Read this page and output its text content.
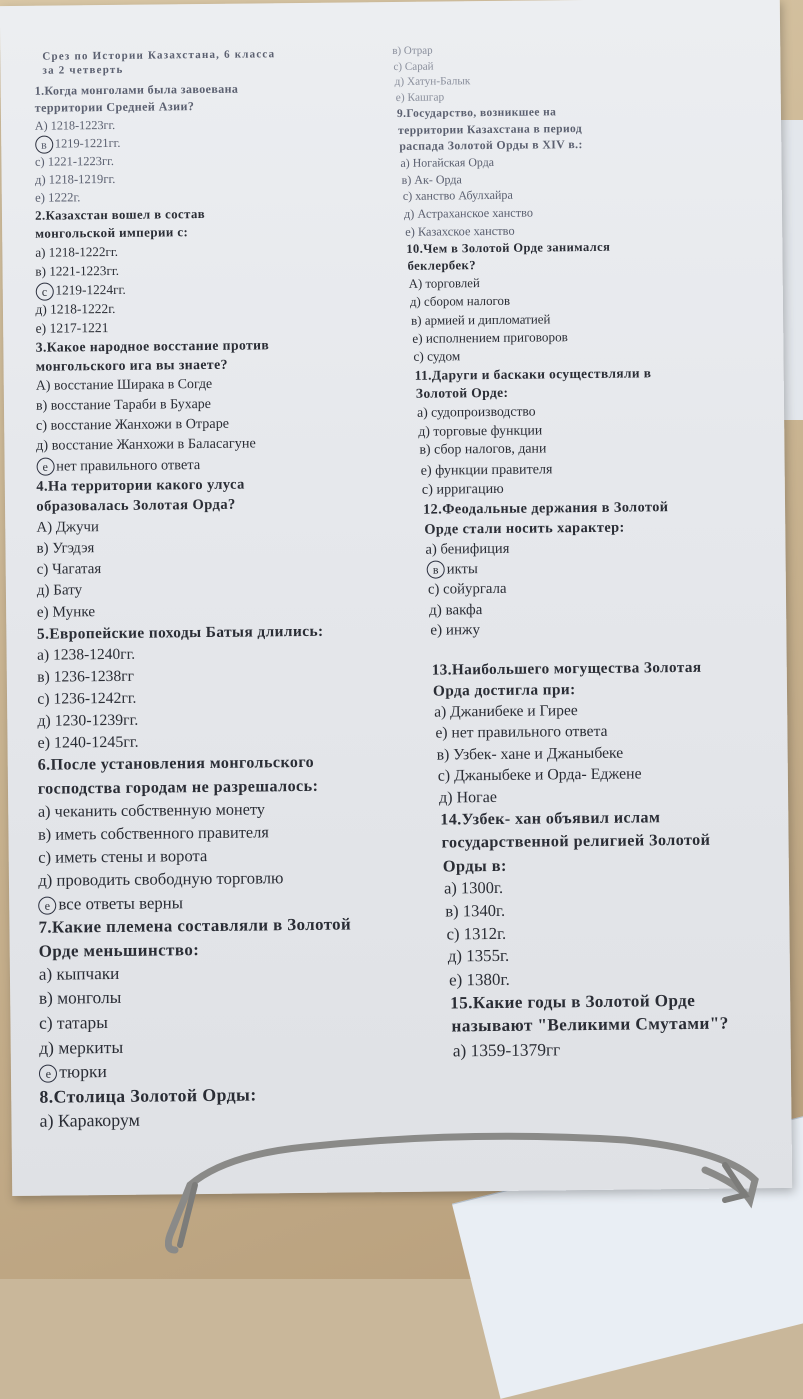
Срез по Истории Казахстана, 6 класса
за 2 четверть
1.Когда монголами была завоевана
территории Средней Азии?
А) 1218-1223гг.
в 1219-1221гг.
с) 1221-1223гг.
д) 1218-1219гг.
е) 1222г.
2.Казахстан вошел в состав
монгольской империи с:
а) 1218-1222гг.
в) 1221-1223гг.
с 1219-1224гг.
д) 1218-1222г.
е) 1217-1221
3.Какое народное восстание против
монгольского ига вы знаете?
А) восстание Ширака в Согде
в) восстание Тараби в Бухаре
с) восстание Жанхожи в Отраре
д) восстание Жанхожи в Баласагуне
е нет правильного ответа
4.На территории какого улуса
образовалась Золотая Орда?
А) Джучи
в) Угэдэя
с) Чагатая
д) Бату
е) Мунке
5.Европейские походы Батыя длились:
а) 1238-1240гг.
в) 1236-1238гг
с) 1236-1242гг.
д) 1230-1239гг.
е) 1240-1245гг.
6.После установления монгольского
господства городам не разрешалось:
а) чеканить собственную монету
в) иметь собственного правителя
с) иметь стены и ворота
д) проводить свободную торговлю
е все ответы верны
7.Какие племена составляли в Золотой
Орде меньшинство:
а) кыпчаки
в) монголы
с) татары
д) меркиты
е тюрки
8.Столица Золотой Орды:
а) Каракорум
в) Отрар
с) Сарай
д) Хатун-Балык
е) Кашгар
9.Государство, возникшее на
территории Казахстана в период
распада Золотой Орды в XIV в.:
а) Ногайская Орда
в) Ак- Орда
с) ханство Абулхайра
д) Астраханское ханство
е) Казахское ханство
10.Чем в Золотой Орде занимался
беклербек?
А) торговлей
д) сбором налогов
в) армией и дипломатией
е) исполнением приговоров
с) судом
11.Даруги и баскаки осуществляли в
Золотой Орде:
а) судопроизводство
д) торговые функции
в) сбор налогов, дани
е) функции правителя
с) ирригацию
12.Феодальные держания в Золотой
Орде стали носить характер:
а) бенифиция
в икты
с) сойургала
д) вакфа
е) инжу
13.Наибольшего могущества Золотая
Орда достигла при:
а) Джанибеке и Гирее
е) нет правильного ответа
в) Узбек- хане и Джаныбеке
с) Джаныбеке и Орда- Еджене
д) Ногае
14.Узбек- хан объявил ислам
государственной религией Золотой
Орды в:
а) 1300г.
в) 1340г.
с) 1312г.
д) 1355г.
е) 1380г.
15.Какие годы в Золотой Орде
называют "Великими Смутами"?
а) 1359-1379гг
